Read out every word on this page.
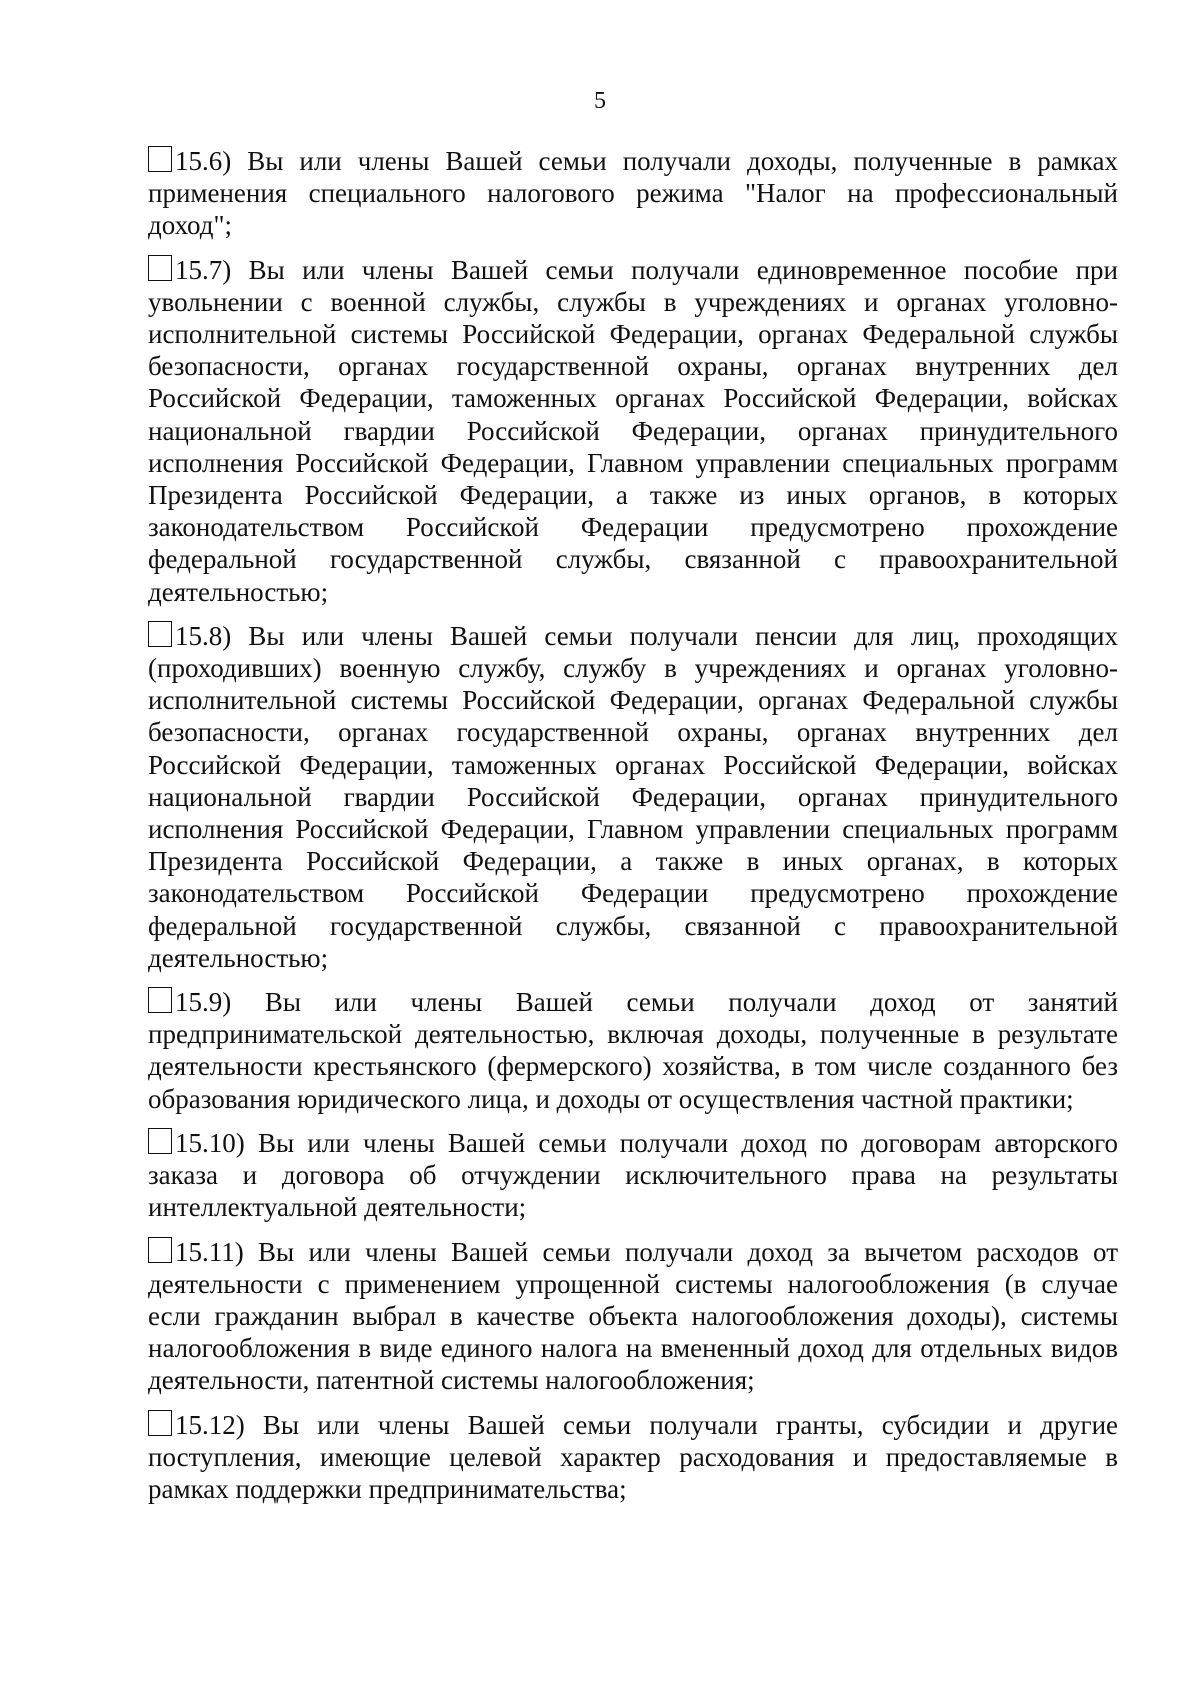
5

15.6) Вы или члены Вашей семьи получали доходы, полученные в рамках применения специального налогового режима "Налог на профессиональный доход";

15.7) Вы или члены Вашей семьи получали единовременное пособие при увольнении с военной службы, службы в учреждениях и органах уголовно-исполнительной системы Российской Федерации, органах Федеральной службы безопасности, органах государственной охраны, органах внутренних дел Российской Федерации, таможенных органах Российской Федерации, войсках национальной гвардии Российской Федерации, органах принудительного исполнения Российской Федерации, Главном управлении специальных программ Президента Российской Федерации, а также из иных органов, в которых законодательством Российской Федерации предусмотрено прохождение федеральной государственной службы, связанной с правоохранительной деятельностью;

15.8) Вы или члены Вашей семьи получали пенсии для лиц, проходящих (проходивших) военную службу, службу в учреждениях и органах уголовно-исполнительной системы Российской Федерации, органах Федеральной службы безопасности, органах государственной охраны, органах внутренних дел Российской Федерации, таможенных органах Российской Федерации, войсках национальной гвардии Российской Федерации, органах принудительного исполнения Российской Федерации, Главном управлении специальных программ Президента Российской Федерации, а также в иных органах, в которых законодательством Российской Федерации предусмотрено прохождение федеральной государственной службы, связанной с правоохранительной деятельностью;

15.9) Вы или члены Вашей семьи получали доход от занятий предпринимательской деятельностью, включая доходы, полученные в результате деятельности крестьянского (фермерского) хозяйства, в том числе созданного без образования юридического лица, и доходы от осуществления частной практики;

15.10) Вы или члены Вашей семьи получали доход по договорам авторского заказа и договора об отчуждении исключительного права на результаты интеллектуальной деятельности;

15.11) Вы или члены Вашей семьи получали доход за вычетом расходов от деятельности с применением упрощенной системы налогообложения (в случае если гражданин выбрал в качестве объекта налогообложения доходы), системы налогообложения в виде единого налога на вмененный доход для отдельных видов деятельности, патентной системы налогообложения;

15.12) Вы или члены Вашей семьи получали гранты, субсидии и другие поступления, имеющие целевой характер расходования и предоставляемые в рамках поддержки предпринимательства;
